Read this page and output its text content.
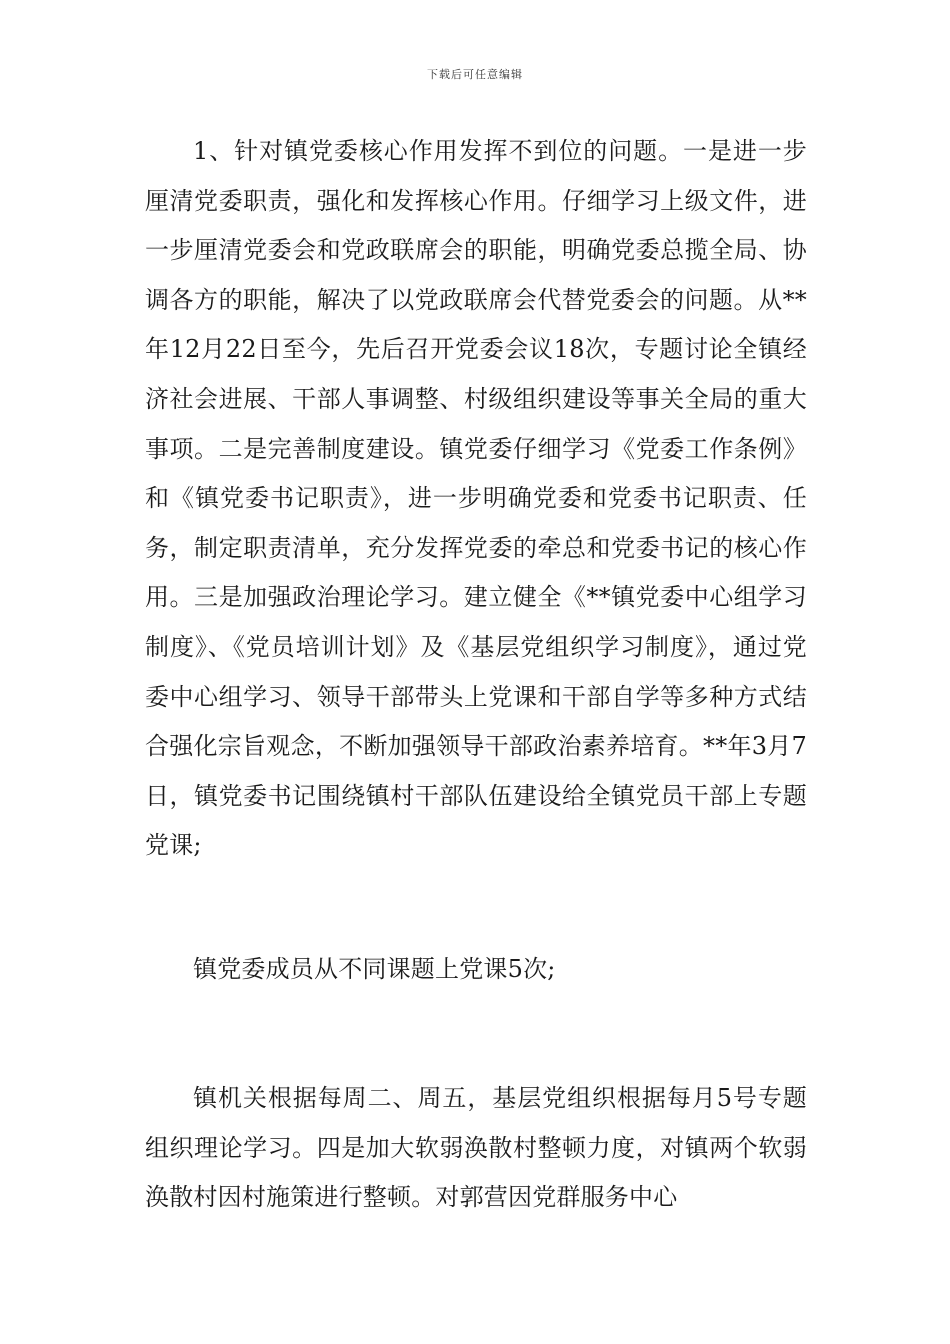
下载后可任意编辑

1、针对镇党委核心作用发挥不到位的问题。一是进一步厘清党委职责，强化和发挥核心作用。仔细学习上级文件，进一步厘清党委会和党政联席会的职能，明确党委总揽全局、协调各方的职能，解决了以党政联席会代替党委会的问题。从**年12月22日至今，先后召开党委会议18次，专题讨论全镇经济社会进展、干部人事调整、村级组织建设等事关全局的重大事项。二是完善制度建设。镇党委仔细学习《党委工作条例》和《镇党委书记职责》，进一步明确党委和党委书记职责、任务，制定职责清单，充分发挥党委的牵总和党委书记的核心作用。三是加强政治理论学习。建立健全《**镇党委中心组学习制度》、《党员培训计划》及《基层党组织学习制度》，通过党委中心组学习、领导干部带头上党课和干部自学等多种方式结合强化宗旨观念，不断加强领导干部政治素养培育。**年3月7日，镇党委书记围绕镇村干部队伍建设给全镇党员干部上专题党课;

镇党委成员从不同课题上党课5次;

镇机关根据每周二、周五，基层党组织根据每月5号专题组织理论学习。四是加大软弱涣散村整顿力度，对镇两个软弱涣散村因村施策进行整顿。对郭营因党群服务中心
